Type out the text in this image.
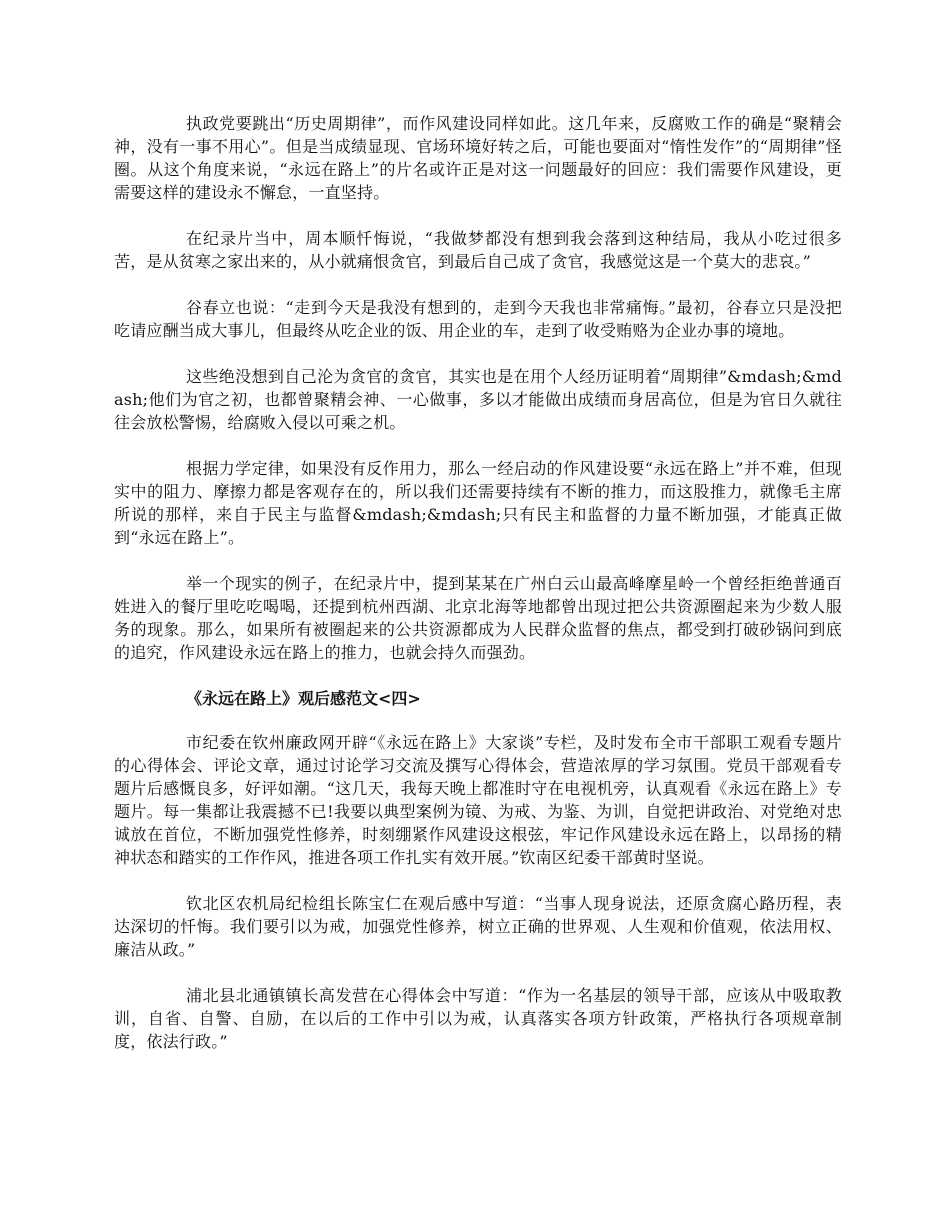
执政党要跳出“历史周期律”，而作风建设同样如此。这几年来，反腐败工作的确是“聚精会神，没有一事不用心”。但是当成绩显现、官场环境好转之后，可能也要面对“惰性发作”的“周期律”怪圈。从这个角度来说，“永远在路上”的片名或许正是对这一问题最好的回应：我们需要作风建设，更需要这样的建设永不懈怠，一直坚持。

在纪录片当中，周本顺忏悔说，“我做梦都没有想到我会落到这种结局，我从小吃过很多苦，是从贫寒之家出来的，从小就痛恨贪官，到最后自己成了贪官，我感觉这是一个莫大的悲哀。”

谷春立也说：“走到今天是我没有想到的，走到今天我也非常痛悔。”最初，谷春立只是没把吃请应酬当成大事儿，但最终从吃企业的饭、用企业的车，走到了收受贿赂为企业办事的境地。

这些绝没想到自己沦为贪官的贪官，其实也是在用个人经历证明着“周期律”&mdash;&mdash;他们为官之初，也都曾聚精会神、一心做事，多以才能做出成绩而身居高位，但是为官日久就往往会放松警惕，给腐败入侵以可乘之机。

根据力学定律，如果没有反作用力，那么一经启动的作风建设要“永远在路上”并不难，但现实中的阻力、摩擦力都是客观存在的，所以我们还需要持续有不断的推力，而这股推力，就像毛主席所说的那样，来自于民主与监督&mdash;&mdash;只有民主和监督的力量不断加强，才能真正做到“永远在路上”。

举一个现实的例子，在纪录片中，提到某某在广州白云山最高峰摩星岭一个曾经拒绝普通百姓进入的餐厅里吃吃喝喝，还提到杭州西湖、北京北海等地都曾出现过把公共资源圈起来为少数人服务的现象。那么，如果所有被圈起来的公共资源都成为人民群众监督的焦点，都受到打破砂锅问到底的追究，作风建设永远在路上的推力，也就会持久而强劲。

《永远在路上》观后感范文<四>

市纪委在钦州廉政网开辟“《永远在路上》大家谈”专栏，及时发布全市干部职工观看专题片的心得体会、评论文章，通过讨论学习交流及撰写心得体会，营造浓厚的学习氛围。党员干部观看专题片后感慨良多，好评如潮。“这几天，我每天晚上都准时守在电视机旁，认真观看《永远在路上》专题片。每一集都让我震撼不已!我要以典型案例为镜、为戒、为鉴、为训，自觉把讲政治、对党绝对忠诚放在首位，不断加强党性修养，时刻绷紧作风建设这根弦，牢记作风建设永远在路上，以昂扬的精神状态和踏实的工作作风，推进各项工作扎实有效开展。”钦南区纪委干部黄时坚说。

钦北区农机局纪检组长陈宝仁在观后感中写道：“当事人现身说法，还原贪腐心路历程，表达深切的忏悔。我们要引以为戒，加强党性修养，树立正确的世界观、人生观和价值观，依法用权、廉洁从政。”

浦北县北通镇镇长高发营在心得体会中写道：“作为一名基层的领导干部，应该从中吸取教训，自省、自警、自励，在以后的工作中引以为戒，认真落实各项方针政策，严格执行各项规章制度，依法行政。”
